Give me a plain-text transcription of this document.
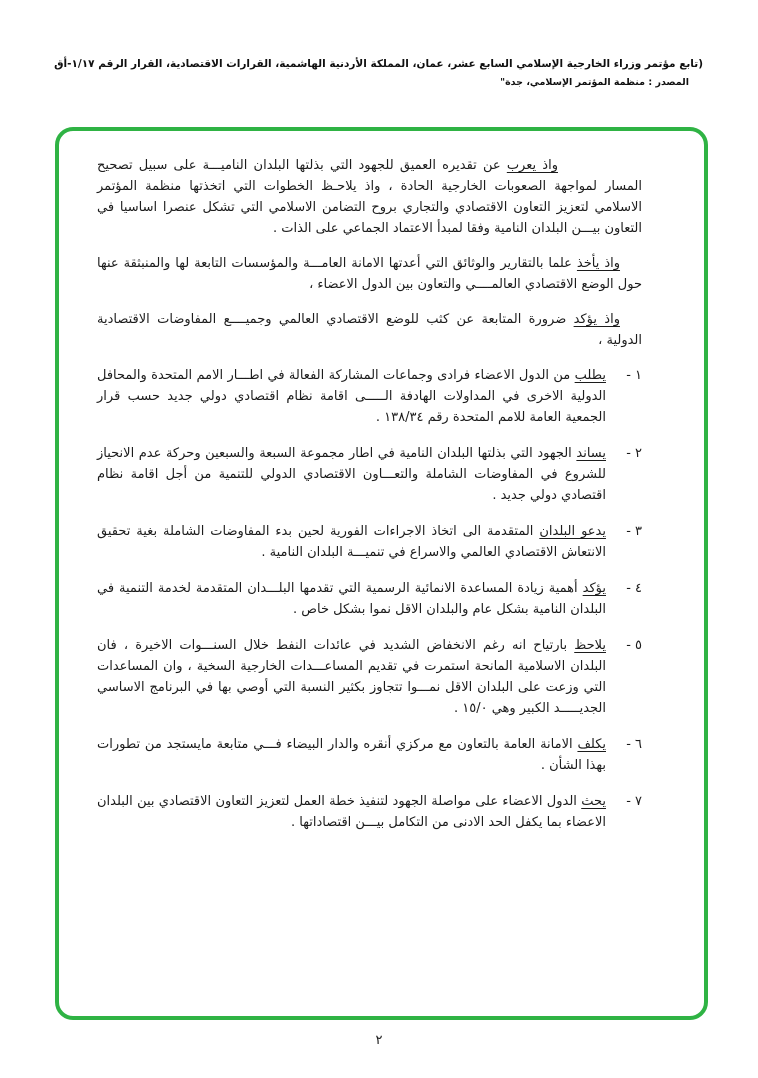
(تابع مؤتمر وزراء الخارجية الإسلامي السابع عشر، عمان، المملكة الأردنية الهاشمية، القرارات الاقتصادية، القرار الرقم ١/١٧-أق
المصدر : منظمة المؤتمر الإسلامي، جدة"

واذ يعرب عن تقديره العميق للجهود التي بذلتها البلدان الناميـــة على سبيل تصحيح المسار لمواجهة الصعوبات الخارجية الحادة ، واذ يلاحـظ الخطوات التي اتخذتها منظمة المؤتمر الاسلامي لتعزيز التعاون الاقتصادي والتجاري بروح التضامن الاسلامي التي تشكل عنصرا اساسيا في التعاون بيـــن البلدان النامية وفقا لمبدأ الاعتماد الجماعي على الذات .

واذ يأخذ علما بالتقارير والوثائق التي أعدتها الامانة العامـــة والمؤسسات التابعة لها والمنبثقة عنها حول الوضع الاقتصادي العالمــــي والتعاون بين الدول الاعضاء ،

واذ يؤكد ضرورة المتابعة عن كثب للوضع الاقتصادي العالمي وجميــــع المفاوضات الاقتصادية الدولية ،

١ -

يطلب من الدول الاعضاء فرادى وجماعات المشاركة الفعالة في اطـــار الامم المتحدة والمحافل الدولية الاخرى في المداولات الهادفة الـــــى اقامة نظام اقتصادي دولي جديد حسب قرار الجمعية العامة للامم المتحدة رقم ١٣٨/٣٤ .

٢ -

يساند الجهود التي بذلتها البلدان النامية في اطار مجموعة السبعة والسبعين وحركة عدم الانحياز للشروع في المفاوضات الشاملة والتعـــاون الاقتصادي الدولي للتنمية من أجل اقامة نظام اقتصادي دولي جديد .

٣ -

يدعو البلدان المتقدمة الى اتخاذ الاجراءات الفورية لحين بدء المفاوضات الشاملة بغية تحقيق الانتعاش الاقتصادي العالمي والاسراع في تنميـــة البلدان النامية .

٤ -

يؤكد أهمية زيادة المساعدة الانمائية الرسمية التي تقدمها البلـــدان المتقدمة لخدمة التنمية في البلدان النامية بشكل عام والبلدان الاقل نموا بشكل خاص .

٥ -

يلاحظ بارتياح انه رغم الانخفاض الشديد في عائدات النفط خلال السنـــوات الاخيرة ، فان البلدان الاسلامية المانحة استمرت في تقديم المساعـــدات الخارجية السخية ، وان المساعدات التي وزعت على البلدان الاقل نمـــوا تتجاوز بكثير النسبة التي أوصي بها في البرنامج الاساسي الجديـــــد الكبير وهي ١٥/٠ .

٦ -

يكلف الامانة العامة بالتعاون مع مركزي أنقره والدار البيضاء فـــي متابعة مايستجد من تطورات بهذا الشأن .

٧ -

يحث الدول الاعضاء على مواصلة الجهود لتنفيذ خطة العمل لتعزيز التعاون الاقتصادي بين البلدان الاعضاء بما يكفل الحد الادنى من التكامل بيـــن اقتصاداتها .

٢
